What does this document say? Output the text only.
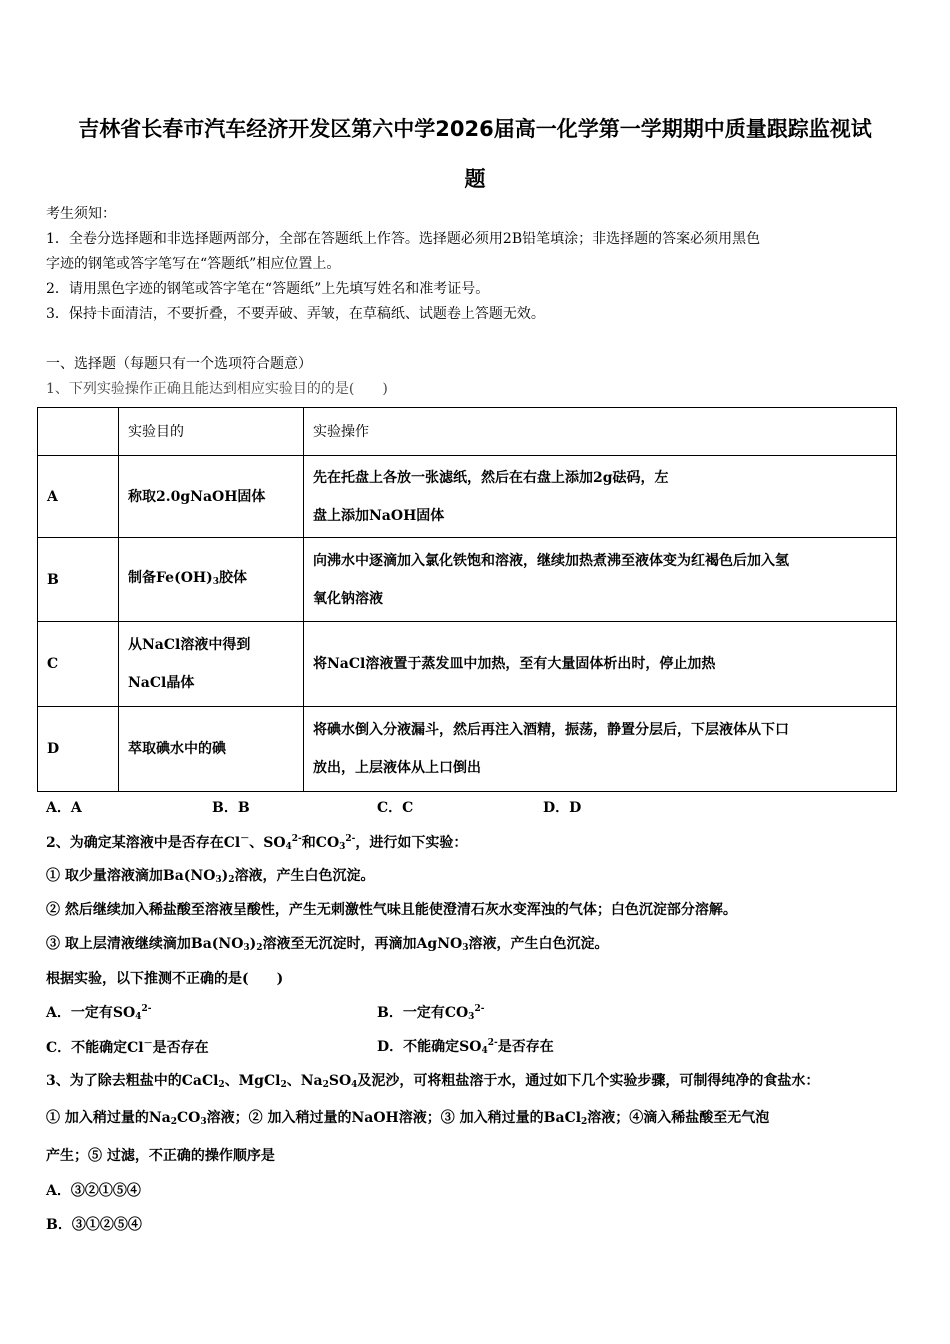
吉林省长春市汽车经济开发区第六中学2026届高一化学第一学期期中质量跟踪监视试
题
考生须知：
1．全卷分选择题和非选择题两部分，全部在答题纸上作答。选择题必须用2B铅笔填涂；非选择题的答案必须用黑色
字迹的钢笔或答字笔写在“答题纸”相应位置上。
2．请用黑色字迹的钢笔或答字笔在“答题纸”上先填写姓名和准考证号。
3．保持卡面清洁，不要折叠，不要弄破、弄皱，在草稿纸、试题卷上答题无效。
一、选择题（每题只有一个选项符合题意）
1、下列实验操作正确且能达到相应实验目的的是(　　)
	实验目的	实验操作
A	称取2.0gNaOH固体	先在托盘上各放一张滤纸，然后在右盘上添加2g砝码，左
盘上添加NaOH固体

B	制备$Fe(OH)_3$胶体	向沸水中逐滴加入氯化铁饱和溶液，继续加热煮沸至液体变为红褐色后加入氢
氧化钠溶液

C	从NaCl溶液中得到
NaCl晶体	将NaCl溶液置于蒸发皿中加热，至有大量固体析出时，停止加热
D	萃取碘水中的碘	将碘水倒入分液漏斗，然后再注入酒精，振荡，静置分层后，下层液体从下口
放出，上层液体从上口倒出
A．A	B．B	C．C	D．D
2、为确定某溶液中是否存在Cl－、$SO_4^{2-}$和$CO_3^{2-}$，进行如下实验：
① 取少量溶液滴加$Ba(NO_3)_2$溶液，产生白色沉淀。
② 然后继续加入稀盐酸至溶液呈酸性，产生无刺激性气味且能使澄清石灰水变浑浊的气体；白色沉淀部分溶解。
③ 取上层清液继续滴加$Ba(NO_3)_2$溶液至无沉淀时，再滴加AgNO$_3$溶液，产生白色沉淀。
根据实验，以下推测不正确的是(　　)
A．一定有$SO_4^{2-}$	B．一定有$CO_3^{2-}$
C．不能确定Cl－是否存在	D．不能确定$SO_4^{2-}$是否存在
3、为了除去粗盐中的CaCl$_2$、MgCl$_2$、$Na_2SO_4$及泥沙，可将粗盐溶于水，通过如下几个实验步骤，可制得纯净的食盐水：
① 加入稍过量的$Na_2CO_3$溶液；② 加入稍过量的NaOH溶液；③ 加入稍过量的BaCl$_2$溶液；④滴入稀盐酸至无气泡
产生；⑤ 过滤，不正确的操作顺序是
A．③②①⑤④
B．③①②⑤④
